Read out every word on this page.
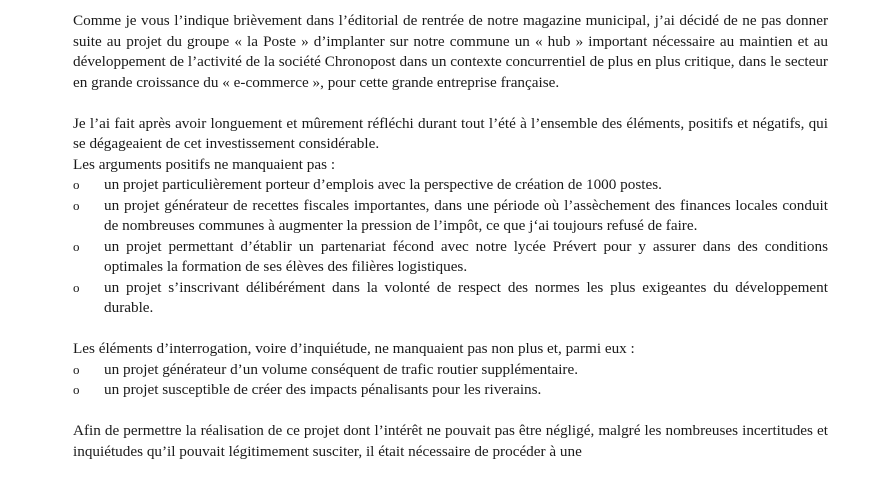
Comme je vous l’indique brièvement dans l’éditorial de rentrée de notre magazine municipal, j’ai décidé de ne pas donner suite au projet du groupe « la Poste » d’implanter sur notre commune un « hub » important nécessaire au maintien et au développement de l’activité de la société Chronopost dans un contexte concurrentiel de plus en plus critique, dans le secteur en grande croissance du « e-commerce », pour cette grande entreprise française.

Je l’ai fait après avoir longuement et mûrement réfléchi durant tout l’été à l’ensemble des éléments, positifs et négatifs, qui se dégageaient de cet investissement considérable.

Les arguments positifs ne manquaient pas :

o	un projet particulièrement porteur d’emplois avec la perspective de création de 1000 postes.
o	un projet générateur de recettes fiscales importantes, dans une période où l’assèchement des finances locales conduit de nombreuses communes à augmenter la pression de l’impôt, ce que j‘ai toujours refusé de faire.
o	un projet permettant d’établir un partenariat fécond avec notre lycée Prévert pour y assurer dans des conditions optimales la formation de ses élèves des filières logistiques.
o	un projet s’inscrivant délibérément dans la volonté de respect des normes les plus exigeantes du développement durable.

Les éléments d’interrogation, voire d’inquiétude, ne manquaient pas non plus et, parmi eux :

o	un projet générateur d’un volume conséquent de trafic routier supplémentaire.
o	un projet susceptible de créer des impacts pénalisants pour les riverains.

Afin de permettre la réalisation de ce projet dont l’intérêt ne pouvait pas être négligé, malgré les nombreuses incertitudes et inquiétudes qu’il pouvait légitimement susciter, il était nécessaire de procéder à une
